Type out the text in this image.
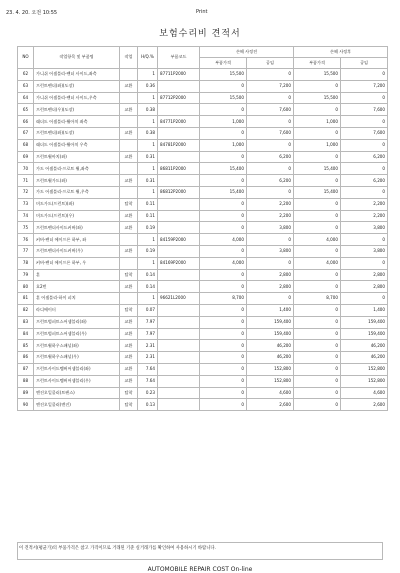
23. 4. 20. 오전 10:55	Print
보험수리비 견적서
NO	작업항목 및 부품명	작업	H/Q.%	부품코드	손해 사정전		손해 사정후	
					부품가격	공임	부품가격	공임
62	가니쉬 어셈블리-펜더 사이드,좌측		1	87711P2000	15,500	0	15,500	0
63	프런트펜더(좌)(도장)	교환	0.36		0	7,200	0	7,200
64	가니쉬 어셈블리-펜더 사이드,우측		1	87712P2000	15,500	0	15,500	0
65	프런트펜더(우)(도장)	교환	0.38		0	7,600	0	7,600
66	래더드 어셈블리-휠아치 좌측		1	84771P2000	1,000	0	1,000	0
67	프런트펜더(좌)(도장)	교환	0.38		0	7,600	0	7,600
68	래더드 어셈블리-휠아치 우측		1	84781P2000	1,000	0	1,000	0
69	프런트휠아치(좌)	교환	0.31		0	6,200	0	6,200
70	가드 어셈블리-프로트 휠,좌측		1	86811P2000	15,400	0	15,400	0
71	프런트휠가드(좌)	교환	0.31		0	6,200	0	6,200
72	가드 어셈블리-프로트 휠,우측		1	86812P2000	15,400	0	15,400	0
73	머드가드(프런트)(좌)	탈착	0.11		0	2,200	0	2,200
74	머드가드(프런트)(우)	교환	0.11		0	2,200	0	2,200
75	프런트펜더사이드커버(좌)	교환	0.19		0	3,800	0	3,800
76	커버-펜더 에이프론 하부, 좌		1	84159P2000	4,000	0	4,000	0
77	프런트펜더사이드커버(우)	교환	0.19		0	3,800	0	3,800
78	커버-펜더 에이프론 하부, 우		1	84169P2000	4,000	0	4,000	0
79	훈	탈착	0.14		0	2,800	0	2,800
80	호2번	교환	0.14		0	2,800	0	2,800
81	훈 어셈블리-하이 피치		1	96621L2000	8,700	0	8,700	0
82	라디에이터	탈착	0.07		0	1,400	0	1,400
83	프런트범퍼트스어셈블리(좌)	교환	7.97		0	159,400	0	159,400
84	프런트범퍼트스어셈블리(우)	교환	7.97		0	159,400	0	159,400
85	프런트휠하우스패널(좌)	교환	2.31		0	46,200	0	46,200
86	프런트휠하우스패널(우)	교환	2.31		0	46,200	0	46,200
87	프런트사이드멤버어셈블리(좌)	교환	7.64		0	152,800	0	152,800
88	프런트사이드멤버어셈블리(우)	교환	7.64		0	152,800	0	152,800
89	엔진오일쿨러(트랜스)	탈착	0.23		0	4,600	0	4,600
90	엔진오일쿨러(엔진)	탈착	0.13		0	2,600	0	2,600
이 견적서(평균가)의 부품가격은 참고 가격이므로 거래된 기준 실거래가를 확인하여 사용하시기 바랍니다.
AUTOMOBILE REPAIR COST On-line
